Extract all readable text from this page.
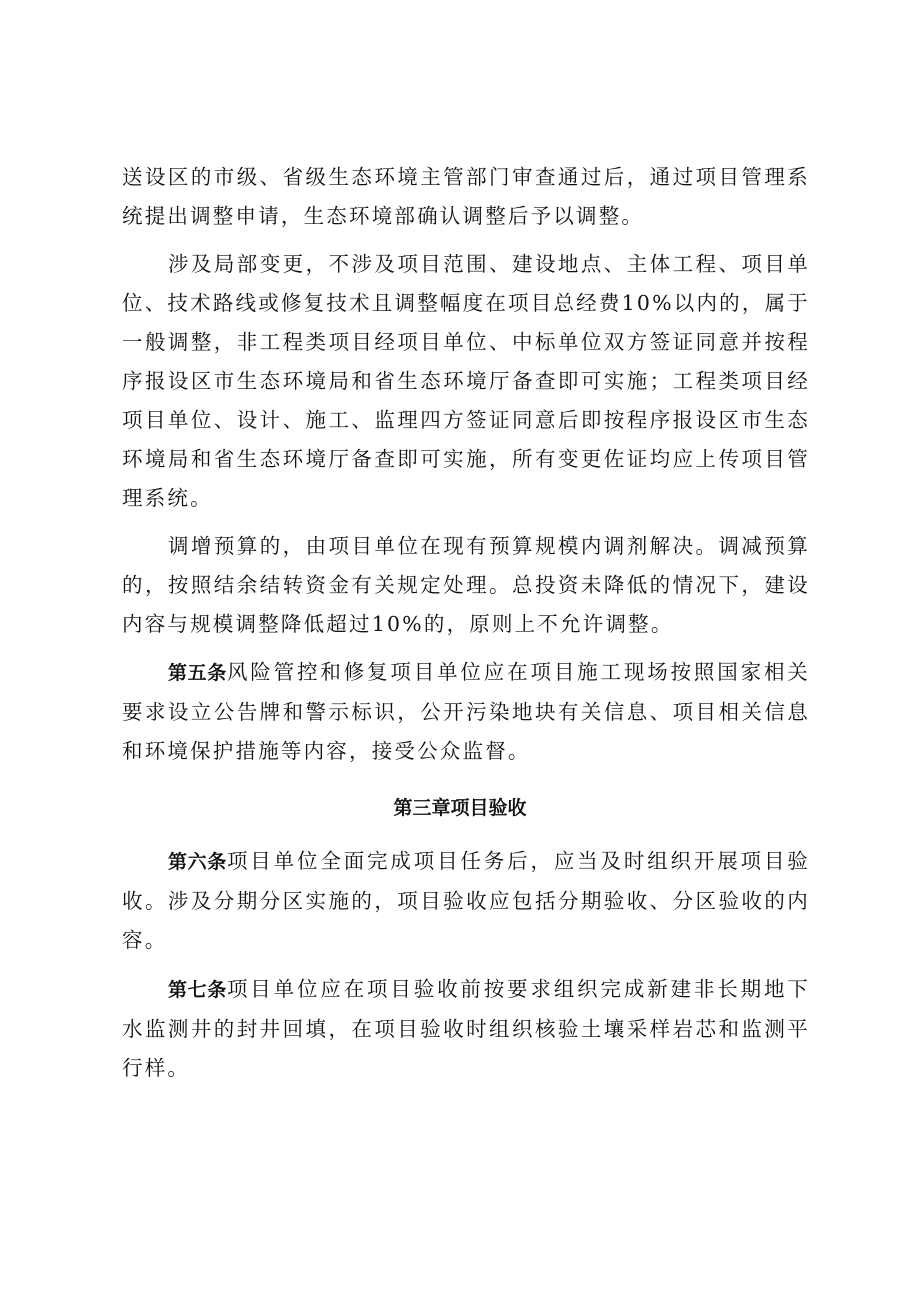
送设区的市级、省级生态环境主管部门审查通过后，通过项目管理系统提出调整申请，生态环境部确认调整后予以调整。

涉及局部变更，不涉及项目范围、建设地点、主体工程、项目单位、技术路线或修复技术且调整幅度在项目总经费10%以内的，属于一般调整，非工程类项目经项目单位、中标单位双方签证同意并按程序报设区市生态环境局和省生态环境厅备查即可实施；工程类项目经项目单位、设计、施工、监理四方签证同意后即按程序报设区市生态环境局和省生态环境厅备查即可实施，所有变更佐证均应上传项目管理系统。

调增预算的，由项目单位在现有预算规模内调剂解决。调减预算的，按照结余结转资金有关规定处理。总投资未降低的情况下，建设内容与规模调整降低超过10%的，原则上不允许调整。

第五条风险管控和修复项目单位应在项目施工现场按照国家相关要求设立公告牌和警示标识，公开污染地块有关信息、项目相关信息和环境保护措施等内容，接受公众监督。

第三章项目验收

第六条项目单位全面完成项目任务后，应当及时组织开展项目验收。涉及分期分区实施的，项目验收应包括分期验收、分区验收的内容。

第七条项目单位应在项目验收前按要求组织完成新建非长期地下水监测井的封井回填，在项目验收时组织核验土壤采样岩芯和监测平行样。
